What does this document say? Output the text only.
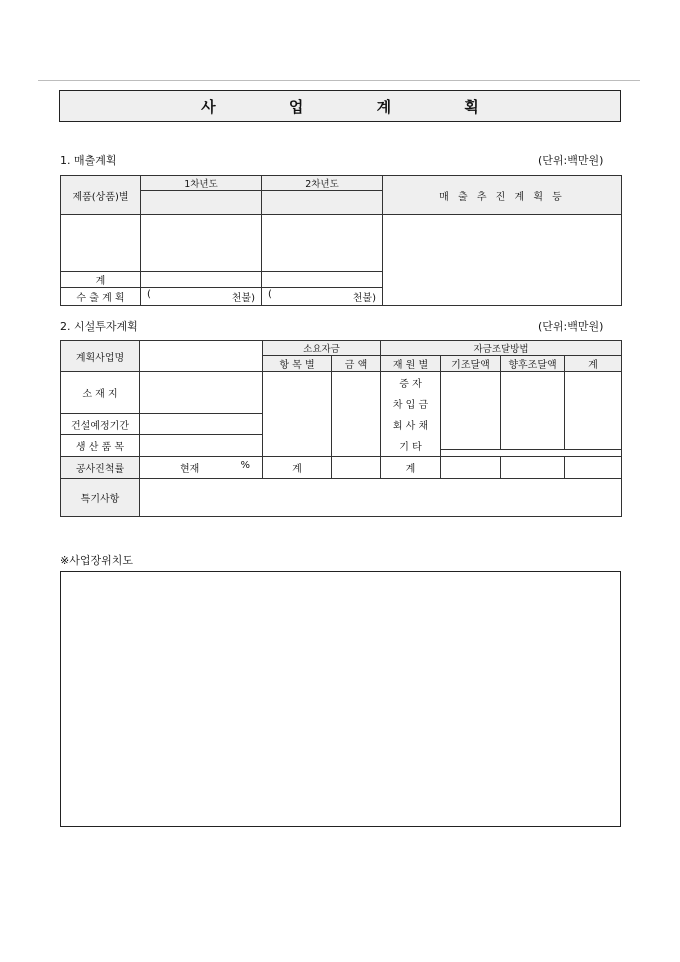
사 업 계 획
1. 매출계획	(단위:백만원)
제품(상품)별	1차년도	2차년도	매 출 추 진 계 획 등

계			
수 출 계 획	( 천불)	( 천불)	
2. 시설투자계획	(단위:백만원)
계획사업명		소요자금		자금조달방법			
		항 목 별	금 액	재 원 별	기조달액	향후조달액	계
소 재 지				증 자			
				차 입 금			
건설예정기간				회 사 채			
생 산 품 목				기 타			

공사진척률	현재 %	계		계			
특기사항							
※사업장위치도
